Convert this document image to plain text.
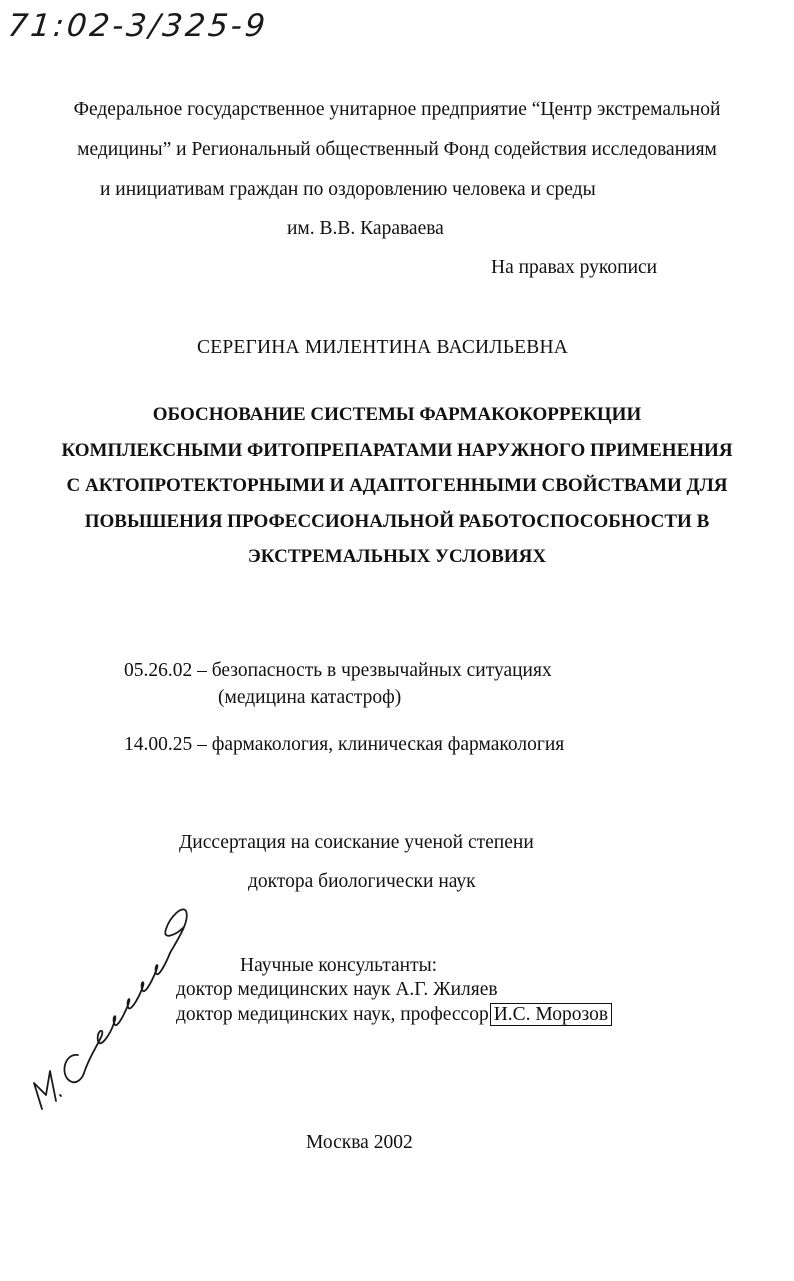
71:02-3/325-9
Федеральное государственное унитарное предприятие “Центр экстремальной
медицины” и Региональный общественный Фонд содействия исследованиям
и инициативам граждан по оздоровлению человека и среды
им. В.В. Караваева
На правах рукописи
СЕРЕГИНА МИЛЕНТИНА ВАСИЛЬЕВНА
ОБОСНОВАНИЕ СИСТЕМЫ ФАРМАКОКОРРЕКЦИИ
КОМПЛЕКСНЫМИ ФИТОПРЕПАРАТАМИ НАРУЖНОГО ПРИМЕНЕНИЯ
С АКТОПРОТЕКТОРНЫМИ И АДАПТОГЕННЫМИ СВОЙСТВАМИ ДЛЯ
ПОВЫШЕНИЯ ПРОФЕССИОНАЛЬНОЙ РАБОТОСПОСОБНОСТИ В
ЭКСТРЕМАЛЬНЫХ УСЛОВИЯХ
05.26.02 – безопасность в чрезвычайных ситуациях
(медицина катастроф)
14.00.25 – фармакология, клиническая фармакология
Диссертация на соискание ученой степени
доктора биологически наук
Научные консультанты:
доктор медицинских наук А.Г. Жиляев
доктор медицинских наук, профессор И.С. Морозов
Москва 2002
